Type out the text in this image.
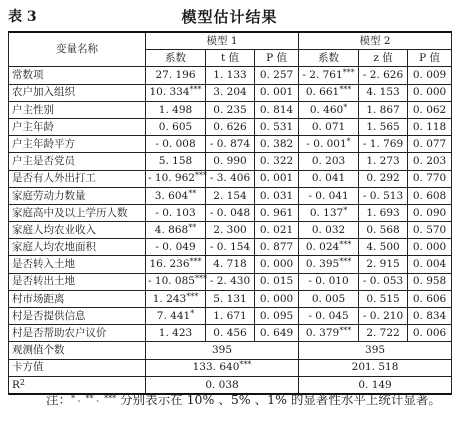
表 3	模型估计结果
变量名称	模型 1			模型 2		
	系数	t 值	P 值	系数	z 值	P 值
常数项	27. 196	1. 133	0. 257	- 2. 761***	- 2. 626	0. 009
农户加入组织	10. 334***	3. 204	0. 001	0. 661***	4. 153	0. 000
户主性别	1. 498	0. 235	0. 814	0. 460*	1. 867	0. 062
户主年龄	0. 605	0. 626	0. 531	0. 071	1. 565	0. 118
户主年龄平方	- 0. 008	- 0. 874	0. 382	- 0. 001*	- 1. 769	0. 077
户主是否党员	5. 158	0. 990	0. 322	0. 203	1. 273	0. 203
是否有人外出打工	- 10. 962***	- 3. 406	0. 001	0. 041	0. 292	0. 770
家庭劳动力数量	3. 604**	2. 154	0. 031	- 0. 041	- 0. 513	0. 608
家庭高中及以上学历人数	- 0. 103	- 0. 048	0. 961	0. 137*	1. 693	0. 090
家庭人均农业收入	4. 868**	2. 300	0. 021	0. 032	0. 568	0. 570
家庭人均农地面积	- 0. 049	- 0. 154	0. 877	0. 024***	4. 500	0. 000
是否转入土地	16. 236***	4. 718	0. 000	0. 395***	2. 915	0. 004
是否转出土地	- 10. 085***	- 2. 430	0. 015	- 0. 010	- 0. 053	0. 958
村市场距离	1. 243***	5. 131	0. 000	0. 005	0. 515	0. 606
村是否提供信息	7. 441*	1. 671	0. 095	- 0. 045	- 0. 210	0. 834
村是否帮助农户议价	1. 423	0. 456	0. 649	0. 379***	2. 722	0. 006
观测值个数	395			395		
卡方值	133. 640***			201. 518		
$R^2$	0. 038			0. 149		
注：* 、** 、*** 分别表示在 10% 、5% 、1% 的显著性水平上统计显著。
